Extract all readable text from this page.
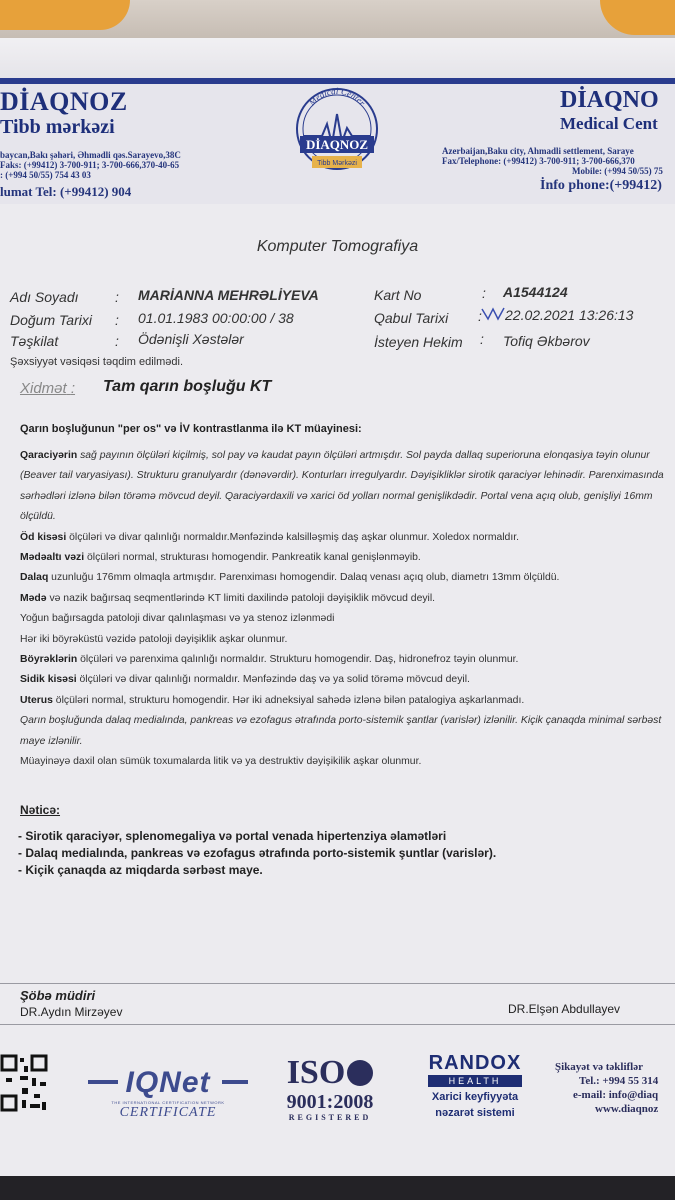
DİAQNOZ
Tibb mərkəzi
baycan,Bakı şəhəri, Əhmədli qəs.Sarayevo,38C
Faks: (+99412) 3-700-911; 3-700-666,370-40-65
: (+994 50/55) 754 43 03
lumat Tel: (+99412) 904
Medical Center
DİAQNOZ
Tibb Mərkəzi
DİAQNO
Medical Cent
Azerbaijan,Baku city, Ahmadli settlement, Saraye
Fax/Telephone: (+99412) 3-700-911; 3-700-666,370
Mobile: (+994 50/55) 75
İnfo phone:(+99412)
Komputer Tomografiya
Adı Soyadı	: MARİANNA MEHRƏLİYEVA	Kart No	: A1544124
Doğum Tarixi : 01.01.1983 00:00:00 / 38	Qabul Tarixi : 22.02.2021 13:26:13
Təşkilat	: Ödənişli Xəstələr	İsteyen Hekim : Tofiq Əkbərov
Şəxsiyyət vəsiqəsi təqdim edilmədi.
Xidmət : Tam qarın boşluğu KT
Qarın boşluğunun "per os" və İV kontrastlanma ilə KT müayinesi:

Qaraciyərin sağ payının ölçüləri kiçilmiş, sol pay və kaudat payın ölçüləri artmışdır. Sol payda dallaq superioruna elonqasiya təyin olunur (Beaver tail varyasiyası). Strukturu granulyardır (dənəvərdir). Konturları irregulyardır. Dəyişikliklər sirotik qaraciyər lehinədir. Parenximasında sərhədləri izlənə bilən törəmə mövcud deyil. Qaraciyərdaxili və xarici öd yolları normal genişlikdədir. Portal vena açıq olub, genişliyi 16mm ölçüldü.

Öd kisəsi ölçüləri və divar qalınlığı normaldır.Mənfəzində kalsilləşmiş daş aşkar olunmur. Xoledox normaldır.

Mədəaltı vəzi ölçüləri normal, strukturası homogendir. Pankreatik kanal genişlənməyib.

Dalaq uzunluğu 176mm olmaqla artmışdır. Parenximası homogendir. Dalaq venası açıq olub, diametrı 13mm ölçüldü.

Mədə və nazik bağırsaq seqmentlərində KT limiti daxilində patoloji dəyişiklik mövcud deyil.

Yoğun bağırsagda patoloji divar qalınlaşması və ya stenoz izlənmədi

Hər iki böyrəküstü vəzidə patoloji dəyişiklik aşkar olunmur.

Böyrəklərin ölçüləri və parenxima qalınlığı normaldır. Strukturu homogendir. Daş, hidronefroz təyin olunmur.

Sidik kisəsi ölçüləri və divar qalınlığı normaldır. Mənfəzində daş və ya solid törəmə mövcud deyil.

Uterus ölçüləri normal, strukturu homogendir. Hər iki adneksiyal sahədə izlənə bilən patalogiya aşkarlanmadı.

Qarın boşluğunda dalaq medialında, pankreas və ezofagus ətrafında porto-sistemik şantlar (varislər) izlənilir. Kiçik çanaqda minimal sərbəst maye izlənilir.

Müayinəyə daxil olan sümük toxumalarda litik və ya destruktiv dəyişikilik aşkar olunmur.

Nəticə:
- Sirotik qaraciyər, splenomegaliya və portal venada hipertenziya əlamətləri
- Dalaq medialında, pankreas və ezofagus ətrafında porto-sistemik şuntlar (varislər).
- Kiçik çanaqda az miqdarda sərbəst maye.
Şöbə müdiri
DR.Aydın Mirzəyev	DR.Elşən Abdullayev
IQNet
THE INTERNATIONAL CERTIFICATION NETWORK
CERTIFICATE
ISO
9001:2008
REGISTERED
RANDOX
HEALTH
Xarici keyfiyyəta
nəzarət sistemi
Şikayət və təkliflər
Tel.: +994 55 314
e-mail: info@diaq
www.diaqnoz
